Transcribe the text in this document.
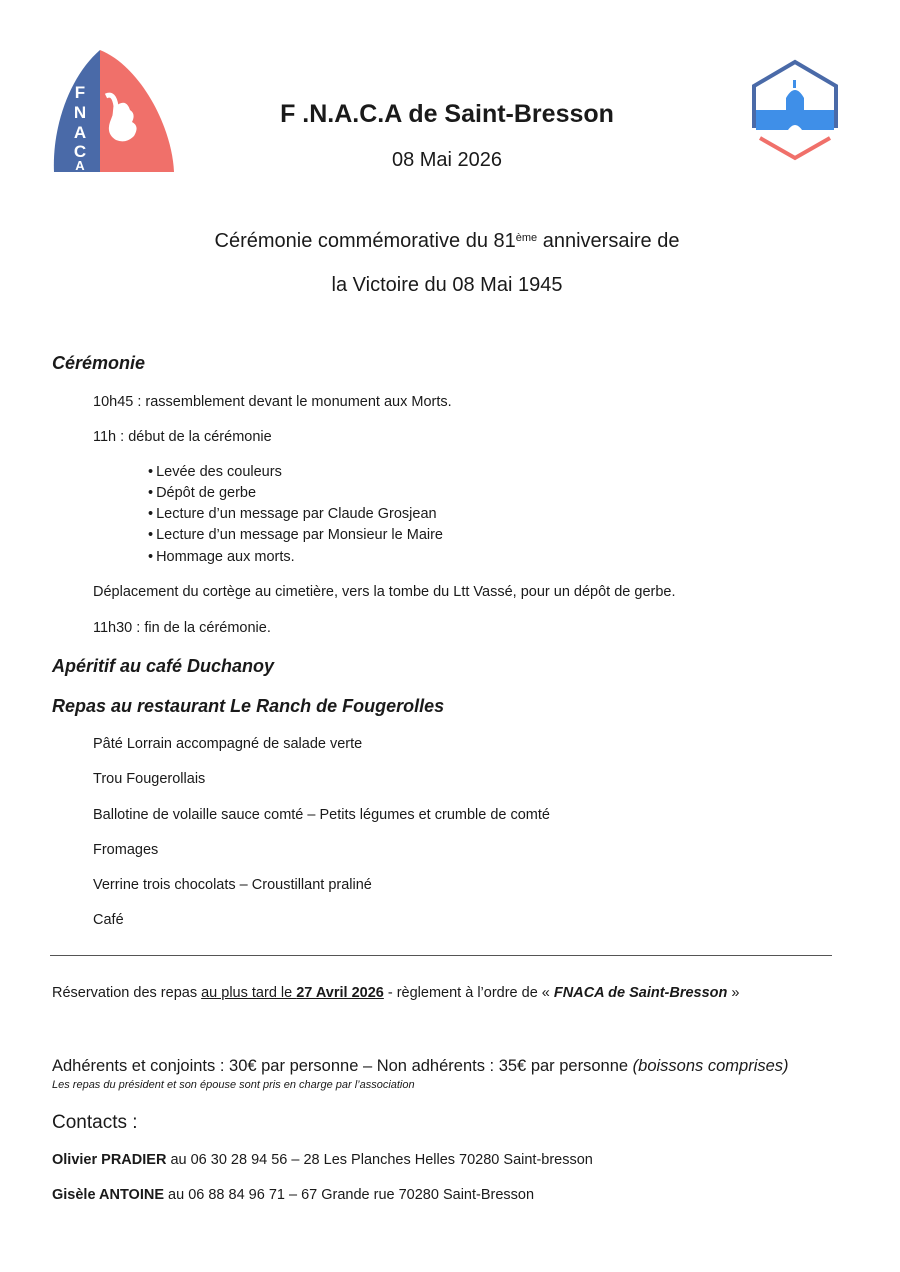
F
N
A
C
A
F .N.A.C.A de Saint-Bresson
08 Mai 2026
Cérémonie commémorative du 81ème anniversaire de
la Victoire du 08 Mai 1945
Cérémonie
10h45 : rassemblement devant le monument aux Morts.
11h : début de la cérémonie
• Levée des couleurs
• Dépôt de gerbe
• Lecture d’un message par Claude Grosjean
• Lecture d’un message par Monsieur le Maire
• Hommage aux morts.
Déplacement du cortège au cimetière, vers la tombe du Ltt Vassé, pour un dépôt de gerbe.
11h30 : fin de la cérémonie.
Apéritif au café Duchanoy
Repas au restaurant Le Ranch de Fougerolles
Pâté Lorrain accompagné de salade verte
Trou Fougerollais
Ballotine de volaille sauce comté – Petits légumes et crumble de comté
Fromages
Verrine trois chocolats – Croustillant praliné
Café
Réservation des repas au plus tard le 27 Avril 2026 - règlement à l’ordre de « FNACA de Saint-Bresson »
Adhérents et conjoints : 30€ par personne – Non adhérents : 35€ par personne (boissons comprises)
Les repas du président et son épouse sont pris en charge par l’association
Contacts :
Olivier PRADIER au 06 30 28 94 56 – 28 Les Planches Helles 70280 Saint-bresson
Gisèle ANTOINE au 06 88 84 96 71 – 67 Grande rue 70280 Saint-Bresson
